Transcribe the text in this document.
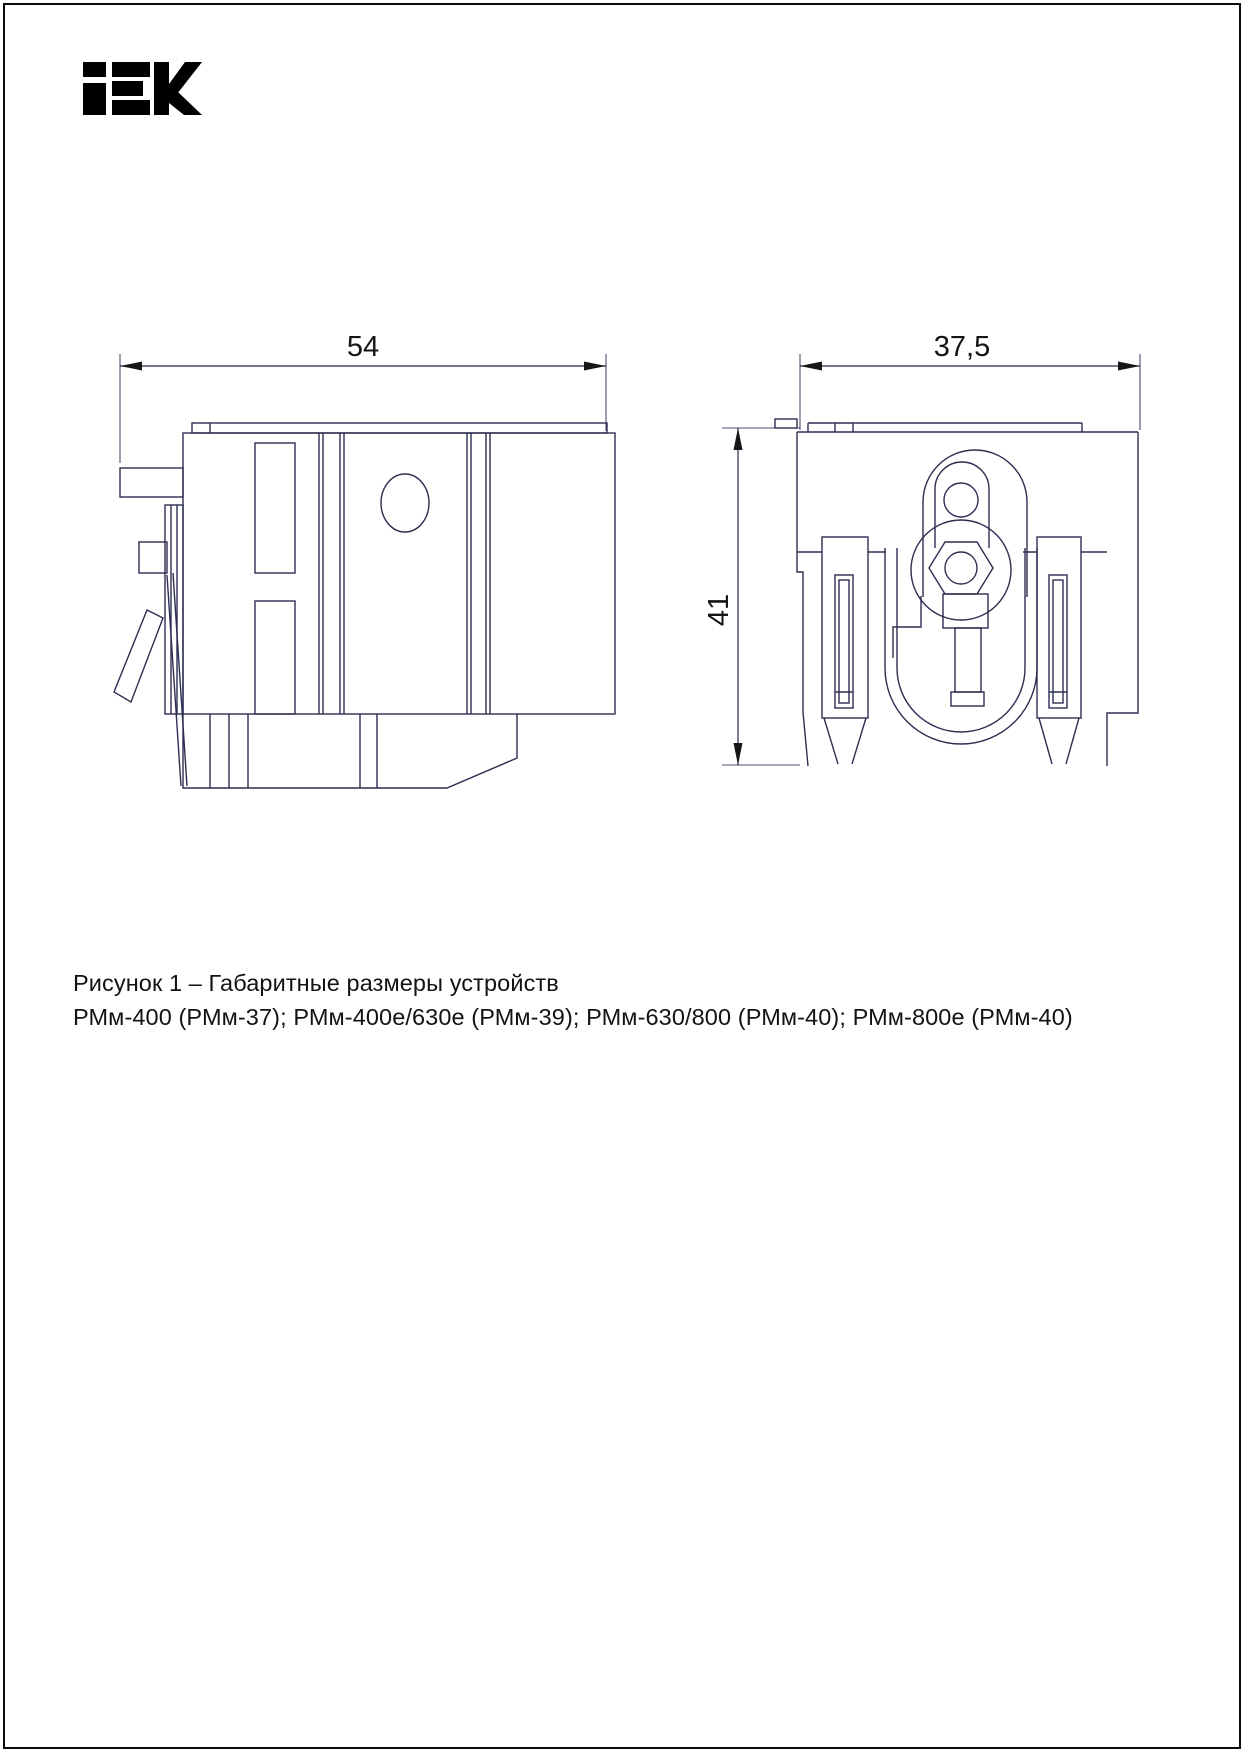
54	37,5
41

Рисунок 1 – Габаритные размеры устройств

РМм-400 (РМм-37); РМм-400е/630е (РМм-39); РМм-630/800 (РМм-40); РМм-800е (РМм-40)
